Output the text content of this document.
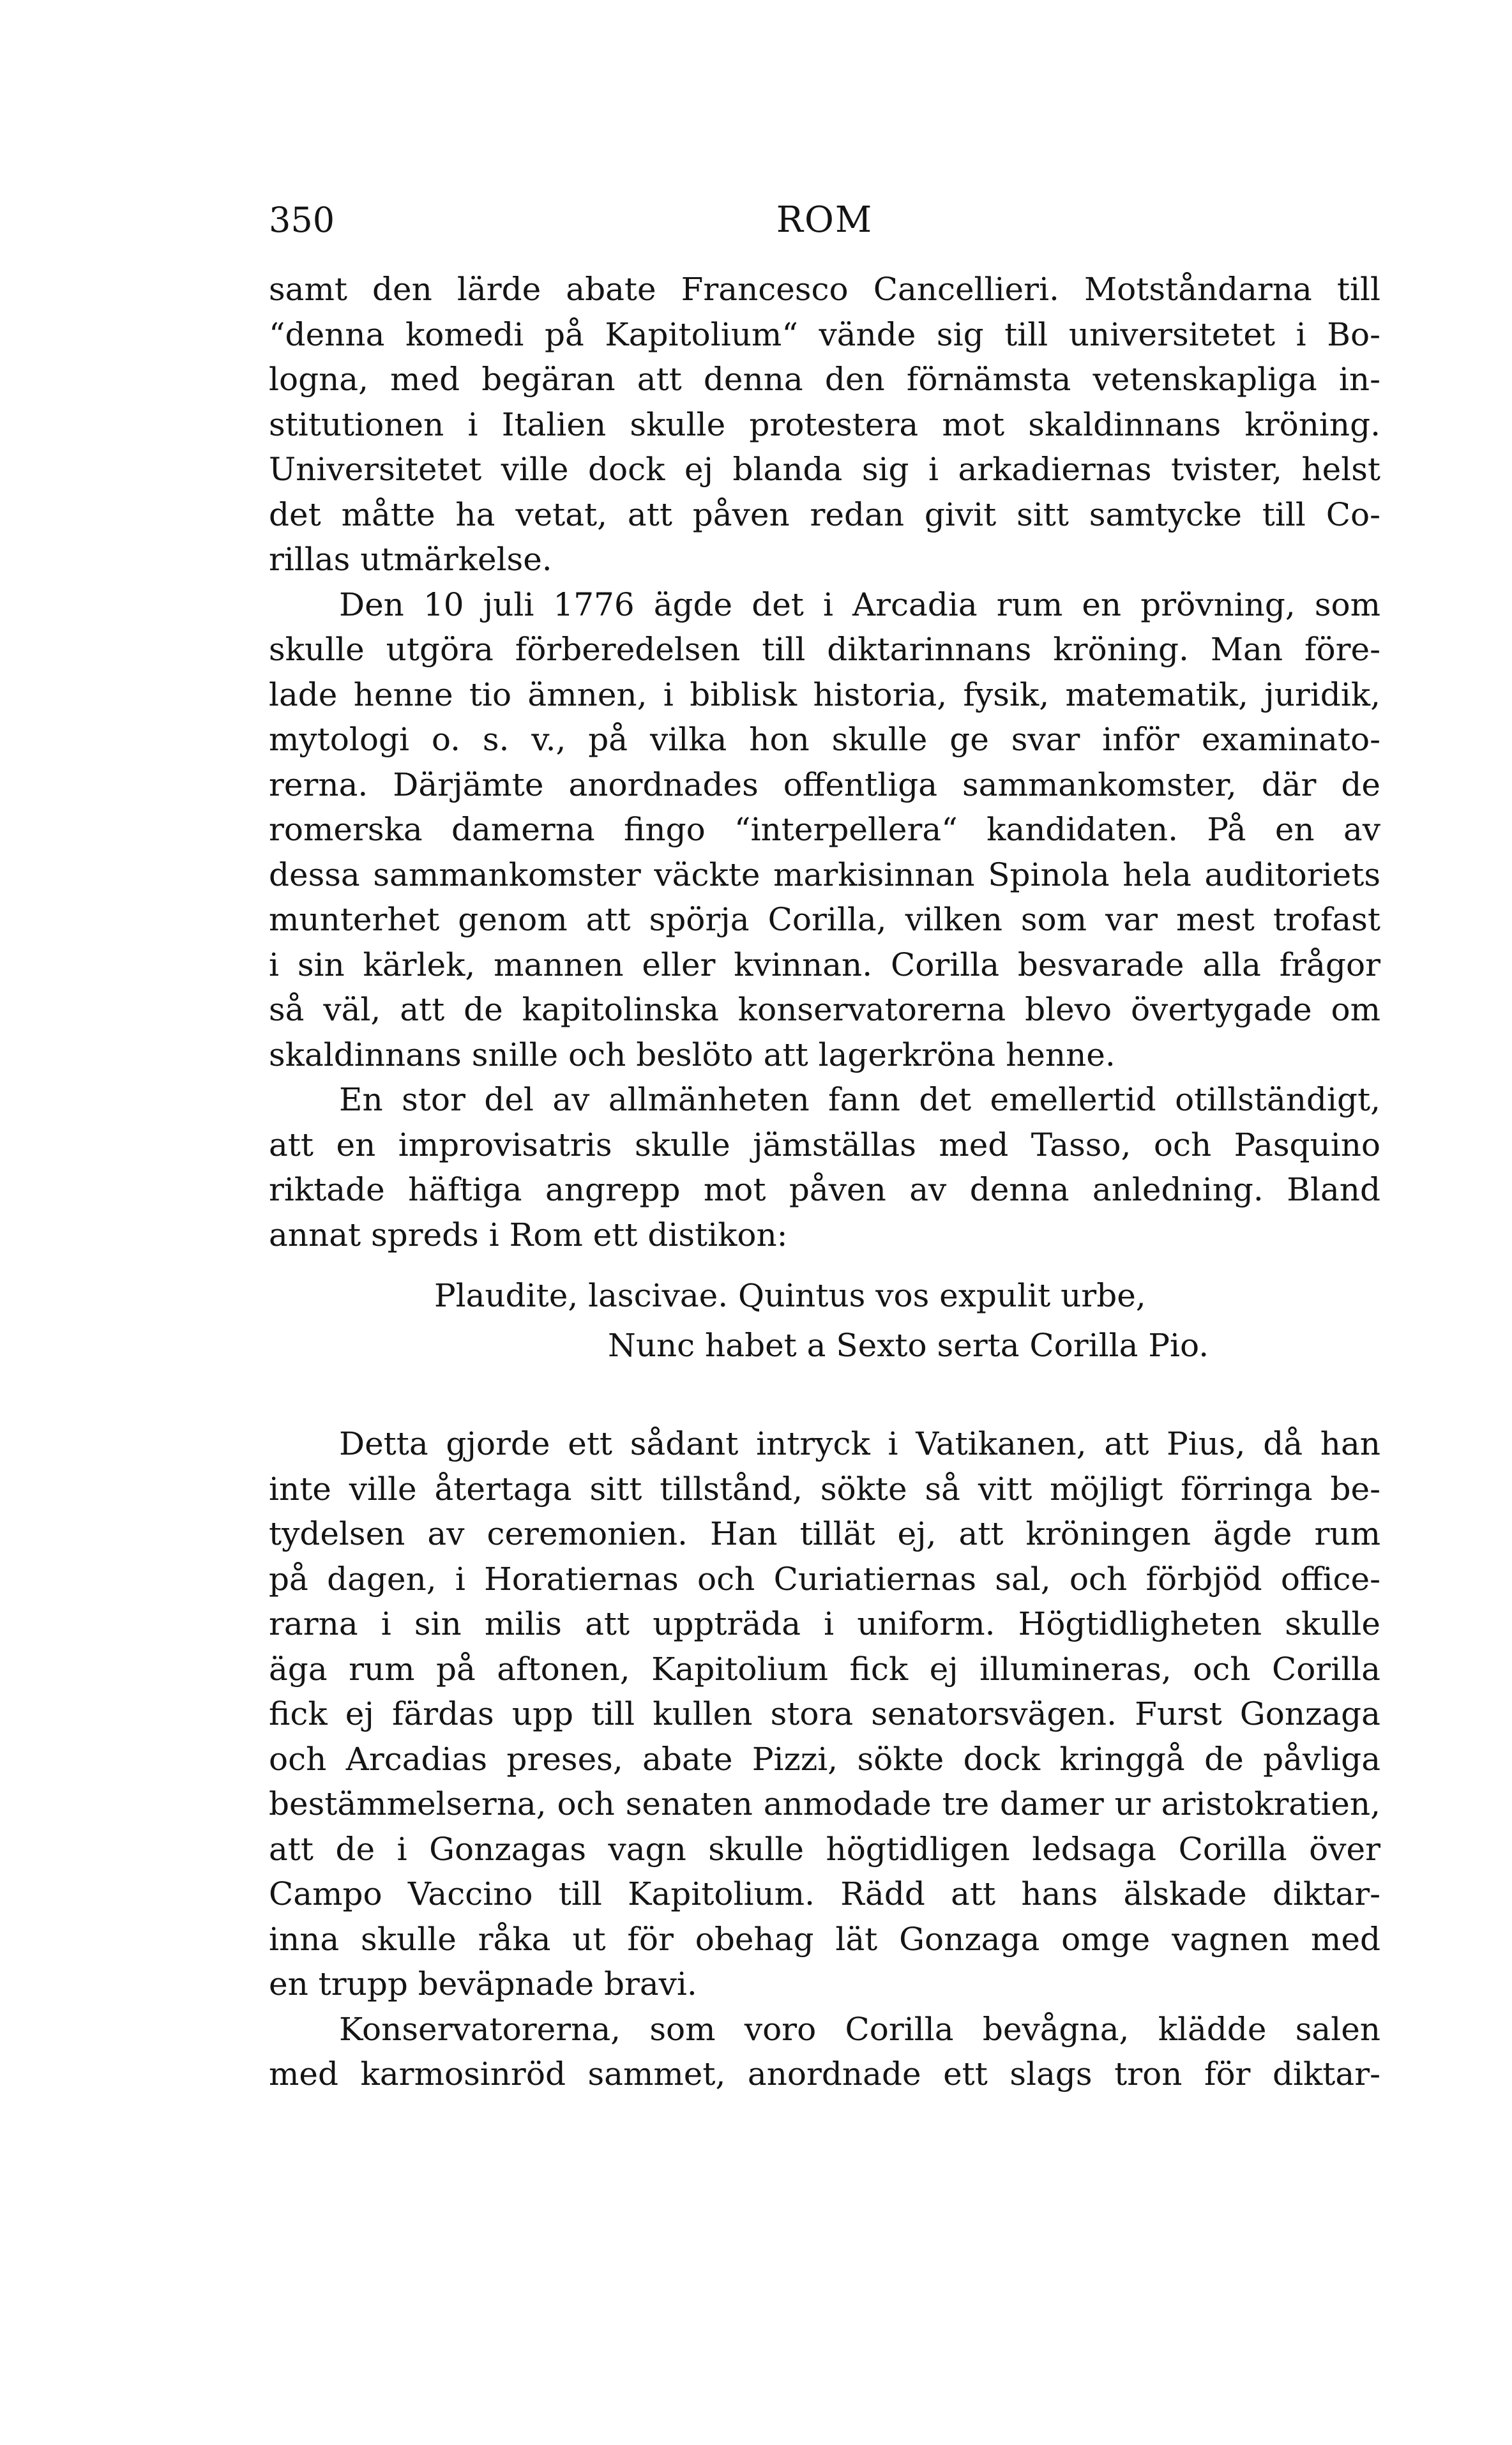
350	ROM
samt den lärde abate Francesco Cancellieri. Motståndarna till
“denna komedi på Kapitolium“ vände sig till universitetet i Bo-
logna, med begäran att denna den förnämsta vetenskapliga in-
stitutionen i Italien skulle protestera mot skaldinnans kröning.
Universitetet ville dock ej blanda sig i arkadiernas tvister, helst
det måtte ha vetat, att påven redan givit sitt samtycke till Co-
rillas utmärkelse.
Den 10 juli 1776 ägde det i Arcadia rum en prövning, som
skulle utgöra förberedelsen till diktarinnans kröning. Man före-
lade henne tio ämnen, i biblisk historia, fysik, matematik, juridik,
mytologi o. s. v., på vilka hon skulle ge svar inför examinato-
rerna. Därjämte anordnades offentliga sammankomster, där de
romerska damerna fingo “interpellera“ kandidaten. På en av
dessa sammankomster väckte markisinnan Spinola hela auditoriets
munterhet genom att spörja Corilla, vilken som var mest trofast
i sin kärlek, mannen eller kvinnan. Corilla besvarade alla frågor
så väl, att de kapitolinska konservatorerna blevo övertygade om
skaldinnans snille och beslöto att lagerkröna henne.
En stor del av allmänheten fann det emellertid otillständigt,
att en improvisatris skulle jämställas med Tasso, och Pasquino
riktade häftiga angrepp mot påven av denna anledning. Bland
annat spreds i Rom ett distikon:
Plaudite, lascivae. Quintus vos expulit urbe,
Nunc habet a Sexto serta Corilla Pio.
Detta gjorde ett sådant intryck i Vatikanen, att Pius, då han
inte ville återtaga sitt tillstånd, sökte så vitt möjligt förringa be-
tydelsen av ceremonien. Han tillät ej, att kröningen ägde rum
på dagen, i Horatiernas och Curiatiernas sal, och förbjöd office-
rarna i sin milis att uppträda i uniform. Högtidligheten skulle
äga rum på aftonen, Kapitolium fick ej illumineras, och Corilla
fick ej färdas upp till kullen stora senatorsvägen. Furst Gonzaga
och Arcadias preses, abate Pizzi, sökte dock kringgå de påvliga
bestämmelserna, och senaten anmodade tre damer ur aristokratien,
att de i Gonzagas vagn skulle högtidligen ledsaga Corilla över
Campo Vaccino till Kapitolium. Rädd att hans älskade diktar-
inna skulle råka ut för obehag lät Gonzaga omge vagnen med
en trupp beväpnade bravi.
Konservatorerna, som voro Corilla bevågna, klädde salen
med karmosinröd sammet, anordnade ett slags tron för diktar-
